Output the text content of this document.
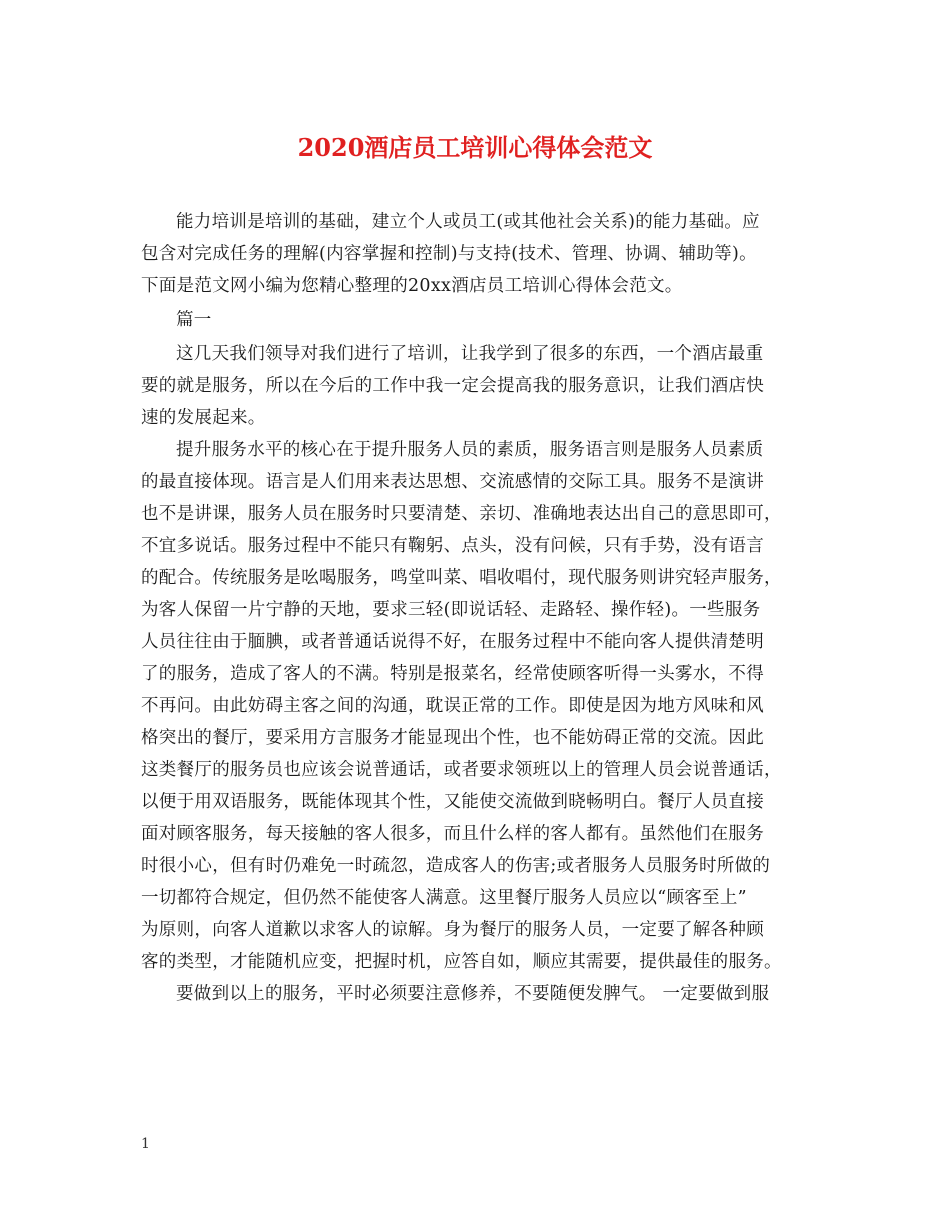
2020酒店员工培训心得体会范文

能力培训是培训的基础，建立个人或员工(或其他社会关系)的能力基础。应
包含对完成任务的理解(内容掌握和控制)与支持(技术、管理、协调、辅助等)。
下面是范文网小编为您精心整理的20xx酒店员工培训心得体会范文。

篇一

这几天我们领导对我们进行了培训，让我学到了很多的东西，一个酒店最重
要的就是服务，所以在今后的工作中我一定会提高我的服务意识，让我们酒店快
速的发展起来。

提升服务水平的核心在于提升服务人员的素质，服务语言则是服务人员素质
的最直接体现。语言是人们用来表达思想、交流感情的交际工具。服务不是演讲
也不是讲课，服务人员在服务时只要清楚、亲切、准确地表达出自己的意思即可，
不宜多说话。服务过程中不能只有鞠躬、点头，没有问候，只有手势，没有语言
的配合。传统服务是吆喝服务，鸣堂叫菜、唱收唱付，现代服务则讲究轻声服务，
为客人保留一片宁静的天地，要求三轻(即说话轻、走路轻、操作轻)。一些服务
人员往往由于腼腆，或者普通话说得不好，在服务过程中不能向客人提供清楚明
了的服务，造成了客人的不满。特别是报菜名，经常使顾客听得一头雾水，不得
不再问。由此妨碍主客之间的沟通，耽误正常的工作。即使是因为地方风味和风
格突出的餐厅，要采用方言服务才能显现出个性，也不能妨碍正常的交流。因此
这类餐厅的服务员也应该会说普通话，或者要求领班以上的管理人员会说普通话，
以便于用双语服务，既能体现其个性，又能使交流做到晓畅明白。餐厅人员直接
面对顾客服务，每天接触的客人很多，而且什么样的客人都有。虽然他们在服务
时很小心，但有时仍难免一时疏忽，造成客人的伤害;或者服务人员服务时所做的
一切都符合规定，但仍然不能使客人满意。这里餐厅服务人员应以“顾客至上”
为原则，向客人道歉以求客人的谅解。身为餐厅的服务人员，一定要了解各种顾
客的类型，才能随机应变，把握时机，应答自如，顺应其需要，提供最佳的服务。

要做到以上的服务，平时必须要注意修养，不要随便发脾气。 一定要做到服

1
